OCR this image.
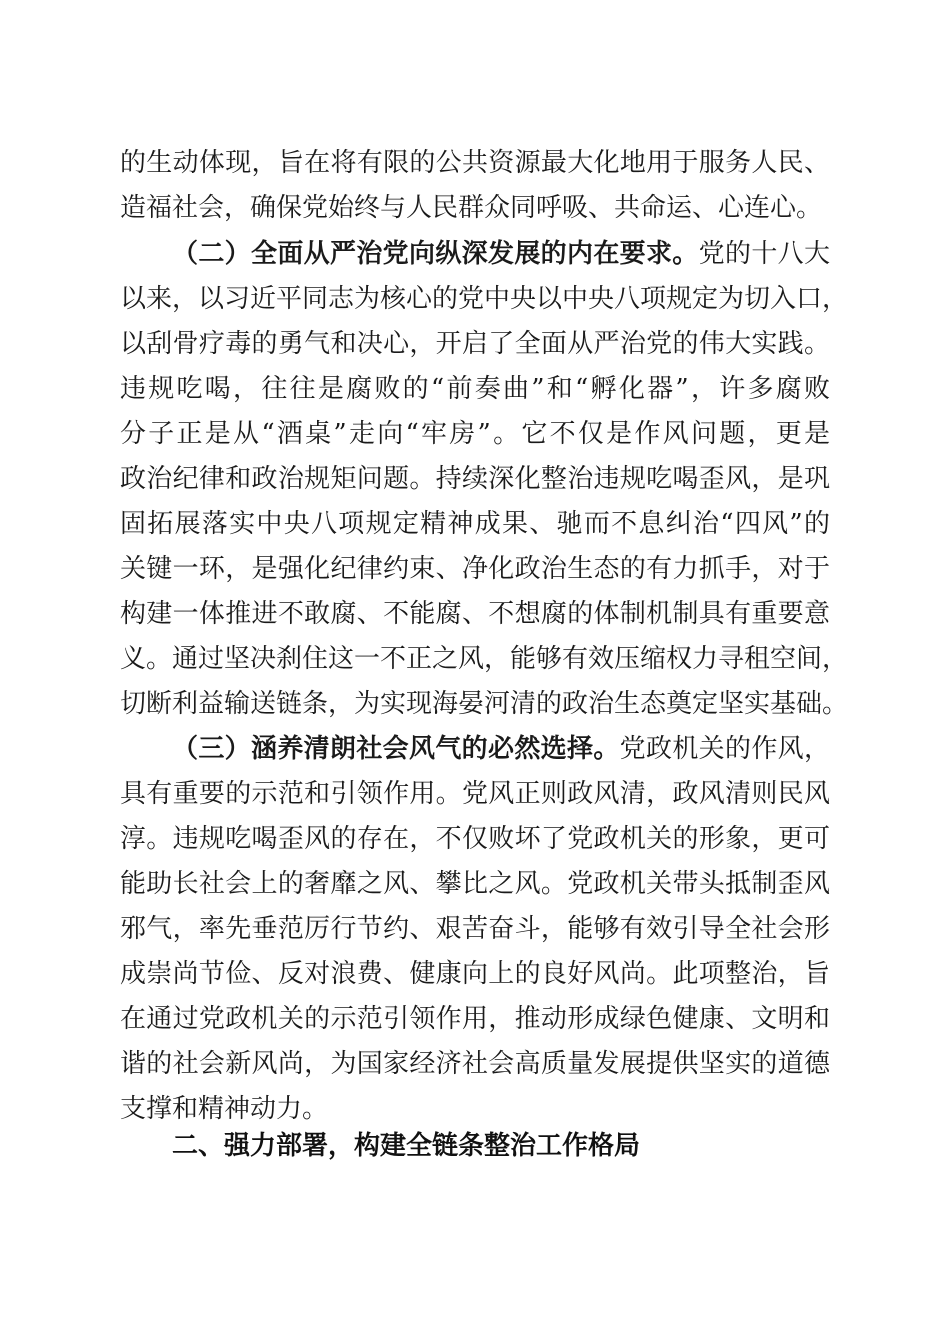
的生动体现，旨在将有限的公共资源最大化地用于服务人民、
造福社会，确保党始终与人民群众同呼吸、共命运、心连心。
（二）全面从严治党向纵深发展的内在要求。党的十八大
以来，以习近平同志为核心的党中央以中央八项规定为切入口，
以刮骨疗毒的勇气和决心，开启了全面从严治党的伟大实践。
违规吃喝，往往是腐败的“前奏曲”和“孵化器”，许多腐败
分子正是从“酒桌”走向“牢房”。它不仅是作风问题，更是
政治纪律和政治规矩问题。持续深化整治违规吃喝歪风，是巩
固拓展落实中央八项规定精神成果、驰而不息纠治“四风”的
关键一环，是强化纪律约束、净化政治生态的有力抓手，对于
构建一体推进不敢腐、不能腐、不想腐的体制机制具有重要意
义。通过坚决刹住这一不正之风，能够有效压缩权力寻租空间，
切断利益输送链条，为实现海晏河清的政治生态奠定坚实基础。
（三）涵养清朗社会风气的必然选择。党政机关的作风，
具有重要的示范和引领作用。党风正则政风清，政风清则民风
淳。违规吃喝歪风的存在，不仅败坏了党政机关的形象，更可
能助长社会上的奢靡之风、攀比之风。党政机关带头抵制歪风
邪气，率先垂范厉行节约、艰苦奋斗，能够有效引导全社会形
成崇尚节俭、反对浪费、健康向上的良好风尚。此项整治，旨
在通过党政机关的示范引领作用，推动形成绿色健康、文明和
谐的社会新风尚，为国家经济社会高质量发展提供坚实的道德
支撑和精神动力。
二、强力部署，构建全链条整治工作格局
